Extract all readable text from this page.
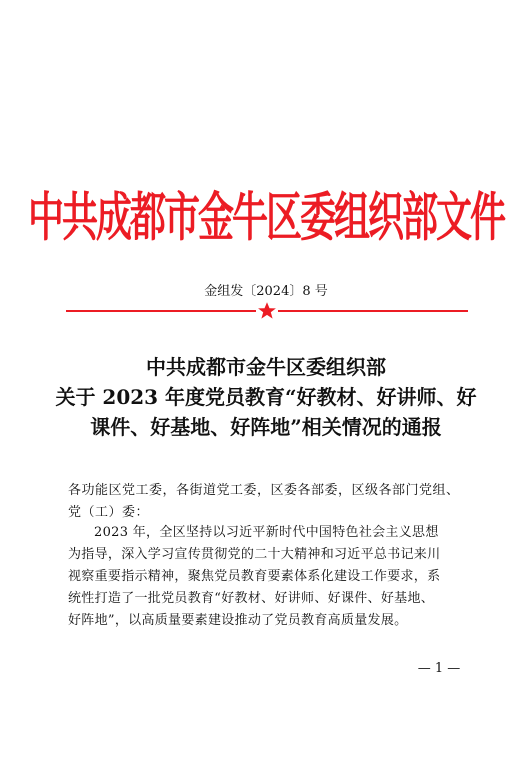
中共成都市金牛区委组织部文件
金组发〔2024〕8 号
中共成都市金牛区委组织部
关于 2023 年度党员教育“好教材、好讲师、好
课件、好基地、好阵地”相关情况的通报
各功能区党工委，各街道党工委，区委各部委，区级各部门党组、
党（工）委：
2023 年，全区坚持以习近平新时代中国特色社会主义思想
为指导，深入学习宣传贯彻党的二十大精神和习近平总书记来川
视察重要指示精神，聚焦党员教育要素体系化建设工作要求，系
统性打造了一批党员教育“好教材、好讲师、好课件、好基地、
好阵地”，以高质量要素建设推动了党员教育高质量发展。
— 1 —
